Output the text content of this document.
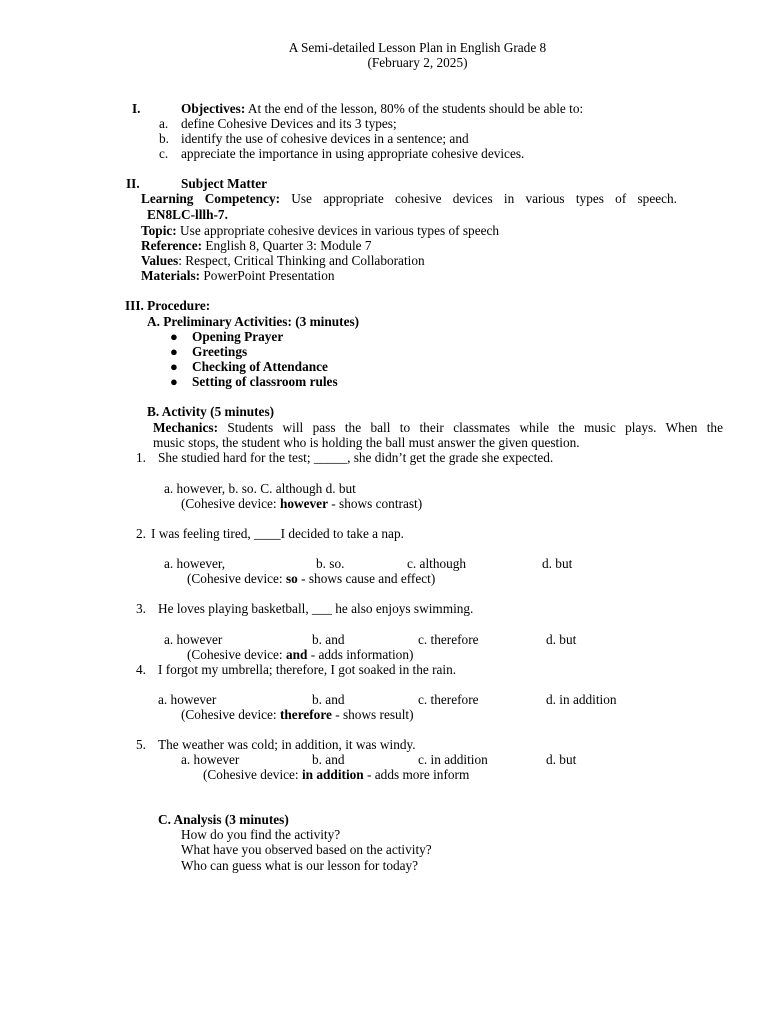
A Semi-detailed Lesson Plan in English Grade 8
(February 2, 2025)
I.	Objectives: At the end of the lesson, 80% of the students should be able to:
a. define Cohesive Devices and its 3 types;
b. identify the use of cohesive devices in a sentence; and
c. appreciate the importance in using appropriate cohesive devices.
II.	Subject Matter
Learning Competency: Use appropriate cohesive devices in various types of speech.
EN8LC-lllh-7.
Topic: Use appropriate cohesive devices in various types of speech
Reference: English 8, Quarter 3: Module 7
Values: Respect, Critical Thinking and Collaboration
Materials: PowerPoint Presentation
III. Procedure:
A. Preliminary Activities: (3 minutes)
● Opening Prayer
● Greetings
● Checking of Attendance
● Setting of classroom rules
B. Activity (5 minutes)
Mechanics: Students will pass the ball to their classmates while the music plays. When the
music stops, the student who is holding the ball must answer the given question.
1. She studied hard for the test; _____, she didn’t get the grade she expected.
a. however, b. so. C. although d. but
(Cohesive device: however - shows contrast)
2. I was feeling tired, ____I decided to take a nap.
a. however,	b. so.	c. although	d. but
(Cohesive device: so - shows cause and effect)
3. He loves playing basketball, ___ he also enjoys swimming.
a. however	b. and	c. therefore	d. but
(Cohesive device: and - adds information)
4. I forgot my umbrella; therefore, I got soaked in the rain.
a. however	b. and	c. therefore	d. in addition
(Cohesive device: therefore - shows result)
5. The weather was cold; in addition, it was windy.
a. however	b. and	c. in addition	d. but
(Cohesive device: in addition - adds more inform
C. Analysis (3 minutes)
How do you find the activity?
What have you observed based on the activity?
Who can guess what is our lesson for today?
